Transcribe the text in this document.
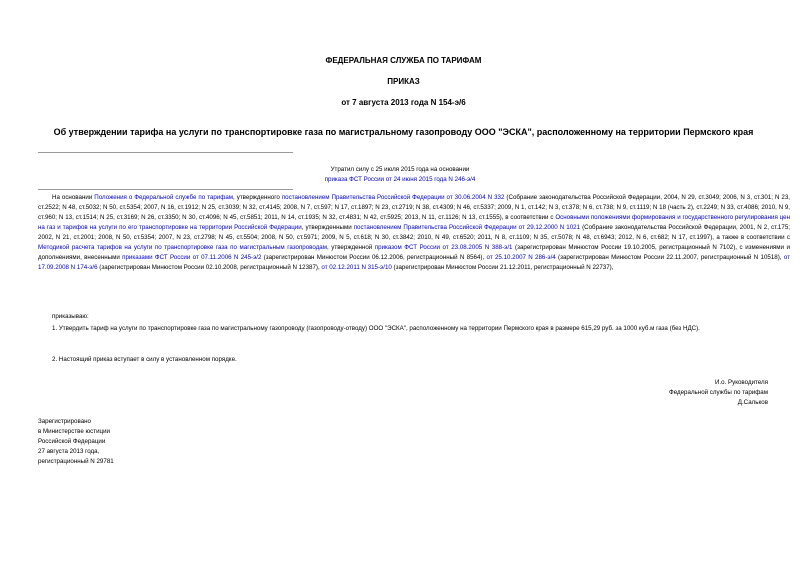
ФЕДЕРАЛЬНАЯ СЛУЖБА ПО ТАРИФАМ
ПРИКАЗ
от 7 августа 2013 года N 154-э/6
Об утверждении тарифа на услуги по транспортировке газа по магистральному газопроводу ООО "ЭСКА", расположенному на территории Пермского края
Утратил силу с 25 июля 2015 года на основании
приказа ФСТ России от 24 июня 2015 года N 246-э/4
На основании Положения о Федеральной службе по тарифам, утвержденного постановлением Правительства Российской Федерации от 30.06.2004 N 332 (Собрание законодательства Российской Федерации, 2004, N 29, ст.3049; 2006, N 3, ст.301; N 23, ст.2522; N 48, ст.5032; N 50, ст.5354; 2007, N 16, ст.1912; N 25, ст.3039; N 32, ст.4145; 2008, N 7, ст.597; N 17, ст.1897; N 23, ст.2719; N 38, ст.4309; N 46, ст.5337; 2009, N 1, ст.142; N 3, ст.378; N 6, ст.738; N 9, ст.1119; N 18 (часть 2), ст.2249; N 33, ст.4086; 2010, N 9, ст.960; N 13, ст.1514; N 25, ст.3169; N 26, ст.3350; N 30, ст.4096; N 45, ст.5851; 2011, N 14, ст.1935; N 32, ст.4831; N 42, ст.5925; 2013, N 11, ст.1126; N 13, ст.1555), в соответствии с Основными положениями формирования и государственного регулирования цен на газ и тарифов на услуги по его транспортировке на территории Российской Федерации, утвержденными постановлением Правительства Российской Федерации от 29.12.2000 N 1021 (Собрание законодательства Российской Федерации, 2001, N 2, ст.175; 2002, N 21, ст.2001; 2008, N 50, ст.5354; 2007, N 23, ст.2798; N 45, ст.5504; 2008, N 50, ст.5971; 2009, N 5, ст.618; N 30, ст.3842; 2010, N 49, ст.6520; 2011, N 8, ст.1109; N 35, ст.5078; N 48, ст.6943; 2012, N 6, ст.682; N 17, ст.1997), а также в соответствии с Методикой расчета тарифов на услуги по транспортировке газа по магистральным газопроводам, утвержденной приказом ФСТ России от 23.08.2005 N 388-э/1 (зарегистрирован Минюстом России 19.10.2005, регистрационный N 7102), с изменениями и дополнениями, внесенными приказами ФСТ России от 07.11.2006 N 245-э/2 (зарегистрирован Минюстом России 06.12.2006, регистрационный N 8564), от 25.10.2007 N 286-э/4 (зарегистрирован Минюстом России 22.11.2007, регистрационный N 10518), от 17.09.2008 N 174-э/6 (зарегистрирован Минюстом России 02.10.2008, регистрационный N 12387), от 02.12.2011 N 315-э/10 (зарегистрирован Минюстом России 21.12.2011, регистрационный N 22737),
приказываю:
1. Утвердить тариф на услуги по транспортировке газа по магистральному газопроводу (газопроводу-отводу) ООО "ЭСКА", расположенному на территории Пермского края в размере 615,29 руб. за 1000 куб.м газа (без НДС).
2. Настоящий приказ вступает в силу в установленном порядке.
И.о. Руководителя
Федеральной службы по тарифам
Д.Сальков
Зарегистрировано
в Министерстве юстиции
Российской Федерации
27 августа 2013 года,
регистрационный N 29781
